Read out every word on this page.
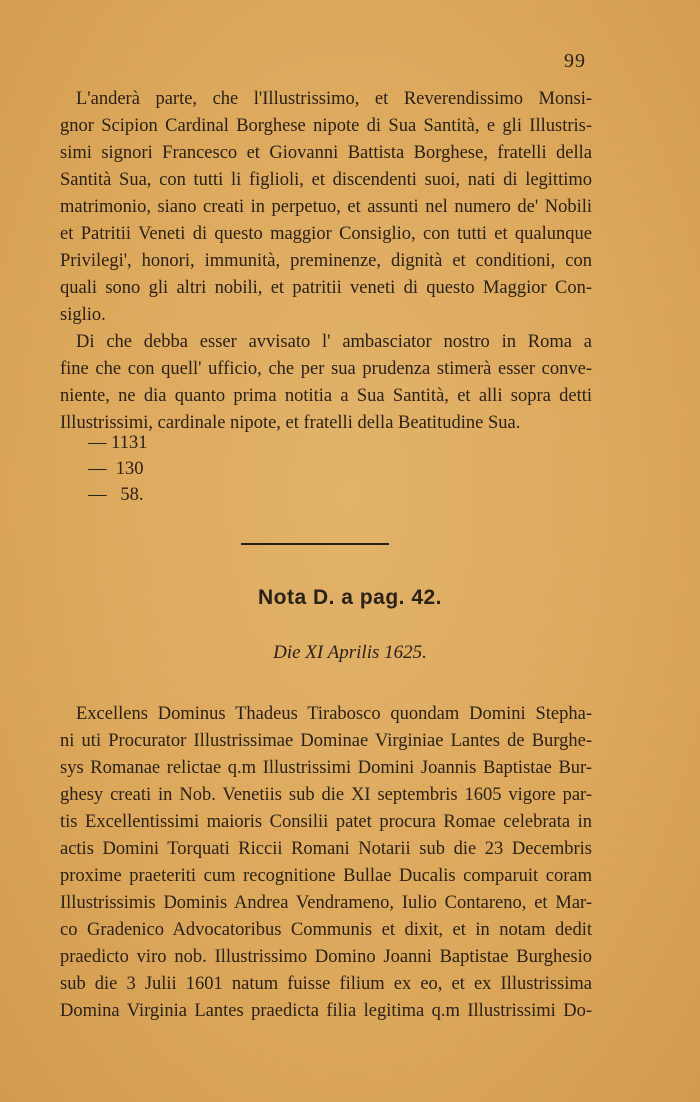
99
L'anderà parte, che l'Illustrissimo, et Reverendissimo Monsi-
gnor Scipion Cardinal Borghese nipote di Sua Santità, e gli Illustris-
simi signori Francesco et Giovanni Battista Borghese, fratelli della
Santità Sua, con tutti li figlioli, et discendenti suoi, nati di legittimo
matrimonio, siano creati in perpetuo, et assunti nel numero de' Nobili
et Patritii Veneti di questo maggior Consiglio, con tutti et qualunque
Privilegi', honori, immunità, preminenze, dignità et conditioni, con
quali sono gli altri nobili, et patritii veneti di questo Maggior Con-
siglio.
Di che debba esser avvisato l' ambasciator nostro in Roma a
fine che con quell' ufficio, che per sua prudenza stimerà esser conve-
niente, ne dia quanto prima notitia a Sua Santità, et alli sopra detti
Illustrissimi, cardinale nipote, et fratelli della Beatitudine Sua.
— 1131
—  130
—   58.
Nota D. a pag. 42.
Die XI Aprilis 1625.
Excellens Dominus Thadeus Tirabosco quondam Domini Stepha-
ni uti Procurator Illustrissimae Dominae Virginiae Lantes de Burghe-
sys Romanae relictae q.m Illustrissimi Domini Joannis Baptistae Bur-
ghesy creati in Nob. Venetiis sub die XI septembris 1605 vigore par-
tis Excellentissimi maioris Consilii patet procura Romae celebrata in
actis Domini Torquati Riccii Romani Notarii sub die 23 Decembris
proxime praeteriti cum recognitione Bullae Ducalis comparuit coram
Illustrissimis Dominis Andrea Vendrameno, Iulio Contareno, et Mar-
co Gradenico Advocatoribus Communis et dixit, et in notam dedit
praedicto viro nob. Illustrissimo Domino Joanni Baptistae Burghesio
sub die 3 Julii 1601 natum fuisse filium ex eo, et ex Illustrissima
Domina Virginia Lantes praedicta filia legitima q.m Illustrissimi Do-
